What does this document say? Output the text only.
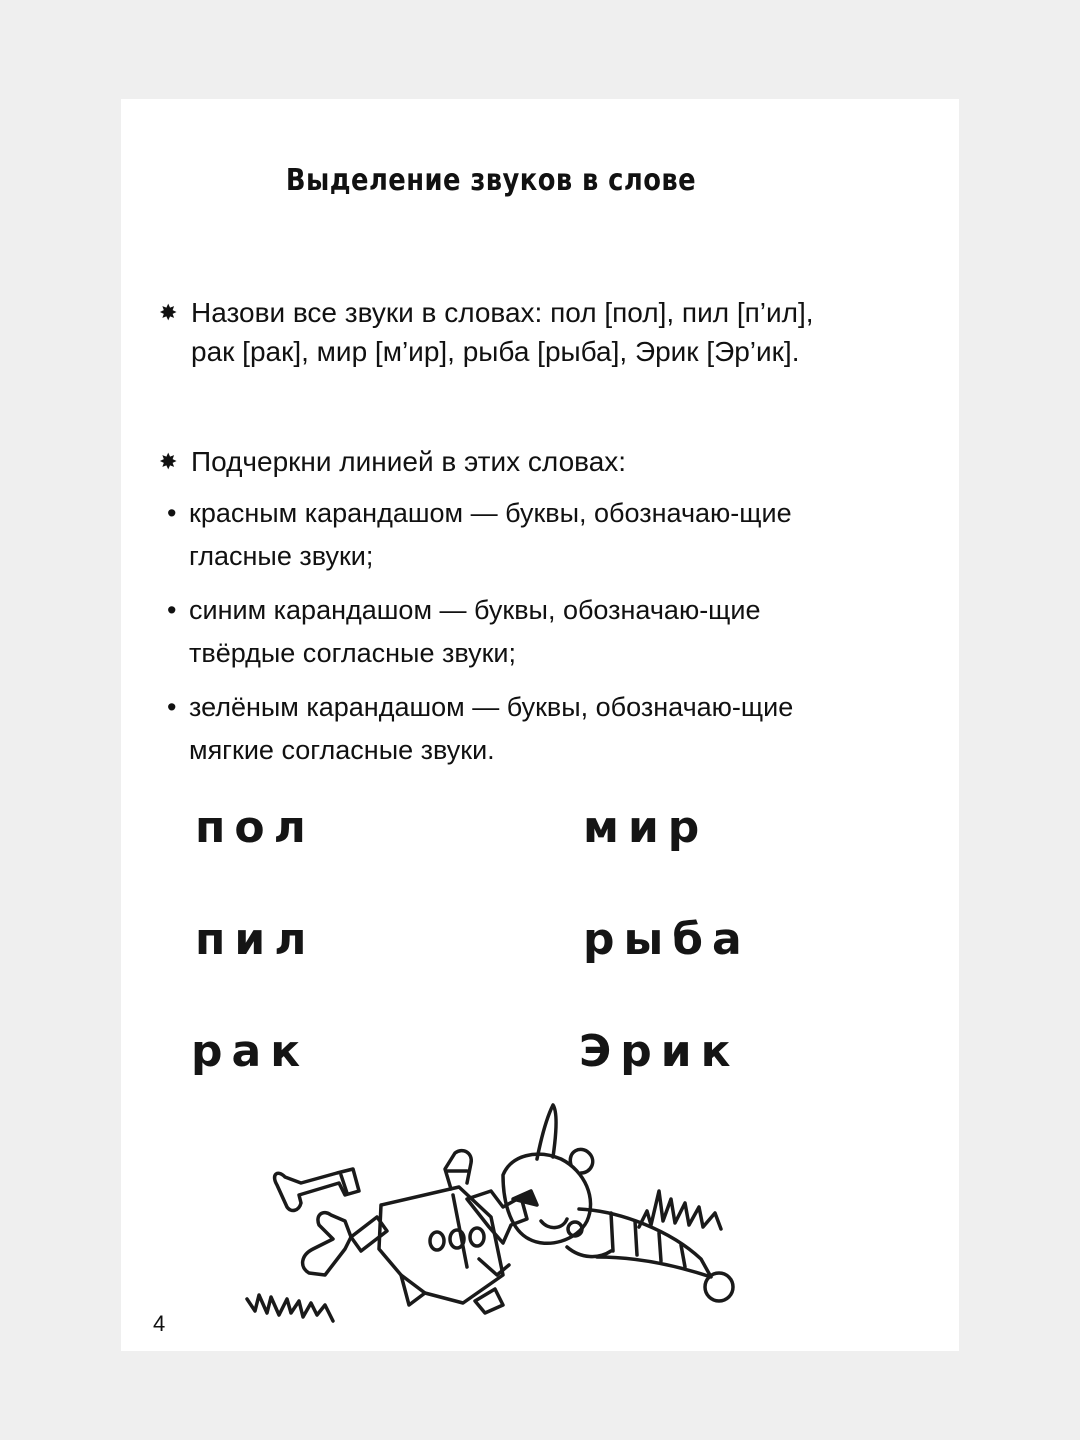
Выделение звуков в слове
✸ Назови все звуки в словах: пол [пол], пил [п’ил], рак [рак], мир [м’ир], рыба [рыба], Эрик [Эр’ик].
✸ Подчеркни линией в этих словах:
• красным карандашом — буквы, обозначаю-щие гласные звуки;
• синим карандашом — буквы, обозначаю-щие твёрдые согласные звуки;
• зелёным карандашом — буквы, обозначаю-щие мягкие согласные звуки.
пол	мир
пил	рыба
рак	Эрик
4
